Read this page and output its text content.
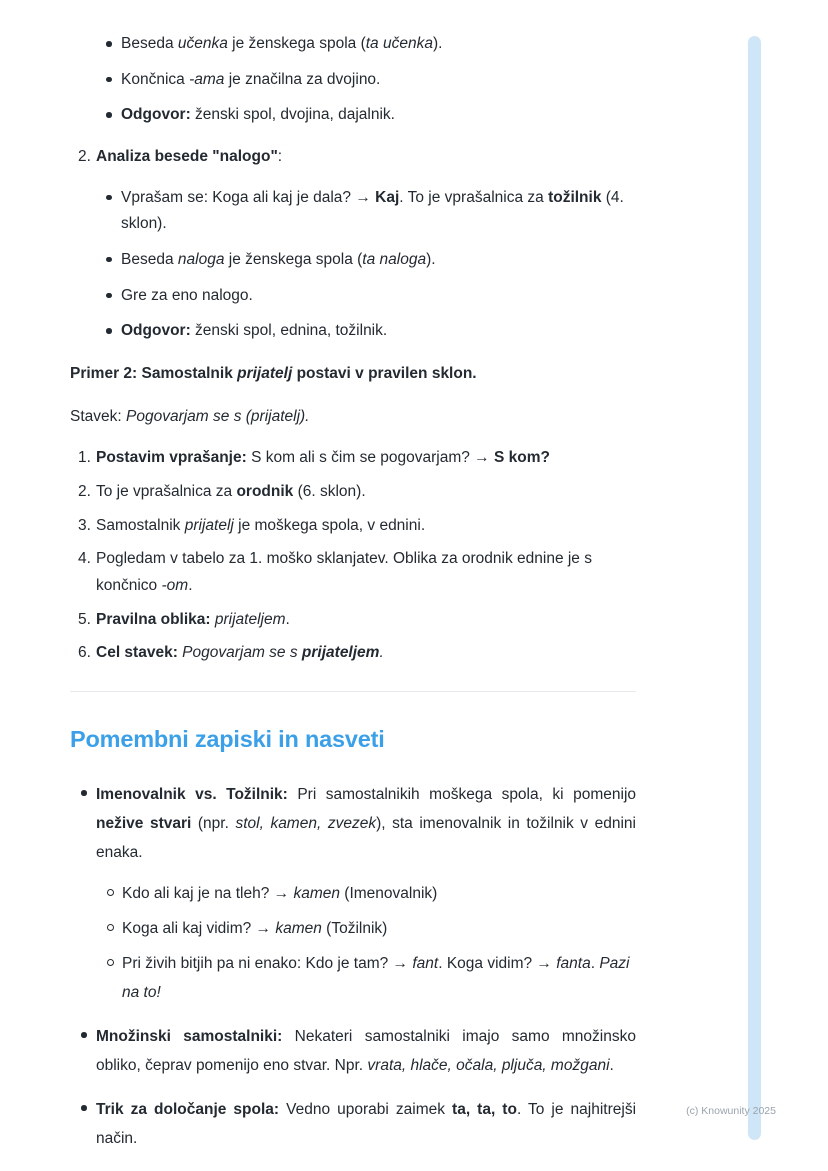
Beseda učenka je ženskega spola (ta učenka).
Končnica -ama je značilna za dvojino.
Odgovor: ženski spol, dvojina, dajalnik.
2. Analiza besede "nalogo":
Vprašam se: Koga ali kaj je dala? → Kaj. To je vprašalnica za tožilnik (4. sklon).
Beseda naloga je ženskega spola (ta naloga).
Gre za eno nalogo.
Odgovor: ženski spol, ednina, tožilnik.

Primer 2: Samostalnik prijatelj postavi v pravilen sklon.

Stavek: Pogovarjam se s (prijatelj).

1. Postavim vprašanje: S kom ali s čim se pogovarjam? → S kom?
2. To je vprašalnica za orodnik (6. sklon).
3. Samostalnik prijatelj je moškega spola, v ednini.
4. Pogledam v tabelo za 1. moško sklanjatev. Oblika za orodnik ednine je s končnico -om.
5. Pravilna oblika: prijateljem.
6. Cel stavek: Pogovarjam se s prijateljem.
Pomembni zapiski in nasveti
Imenovalnik vs. Tožilnik: Pri samostalnikih moškega spola, ki pomenijo nežive stvari (npr. stol, kamen, zvezek), sta imenovalnik in tožilnik v ednini enaka.
Kdo ali kaj je na tleh? → kamen (Imenovalnik)
Koga ali kaj vidim? → kamen (Tožilnik)
Pri živih bitjih pa ni enako: Kdo je tam? → fant. Koga vidim? → fanta. Pazi na to!
Množinski samostalniki: Nekateri samostalniki imajo samo množinsko obliko, čeprav pomenijo eno stvar. Npr. vrata, hlače, očala, pljuča, možgani.
Trik za določanje spola: Vedno uporabi zaimek ta, ta, to. To je najhitrejši način.
(c) Knowunity 2025
